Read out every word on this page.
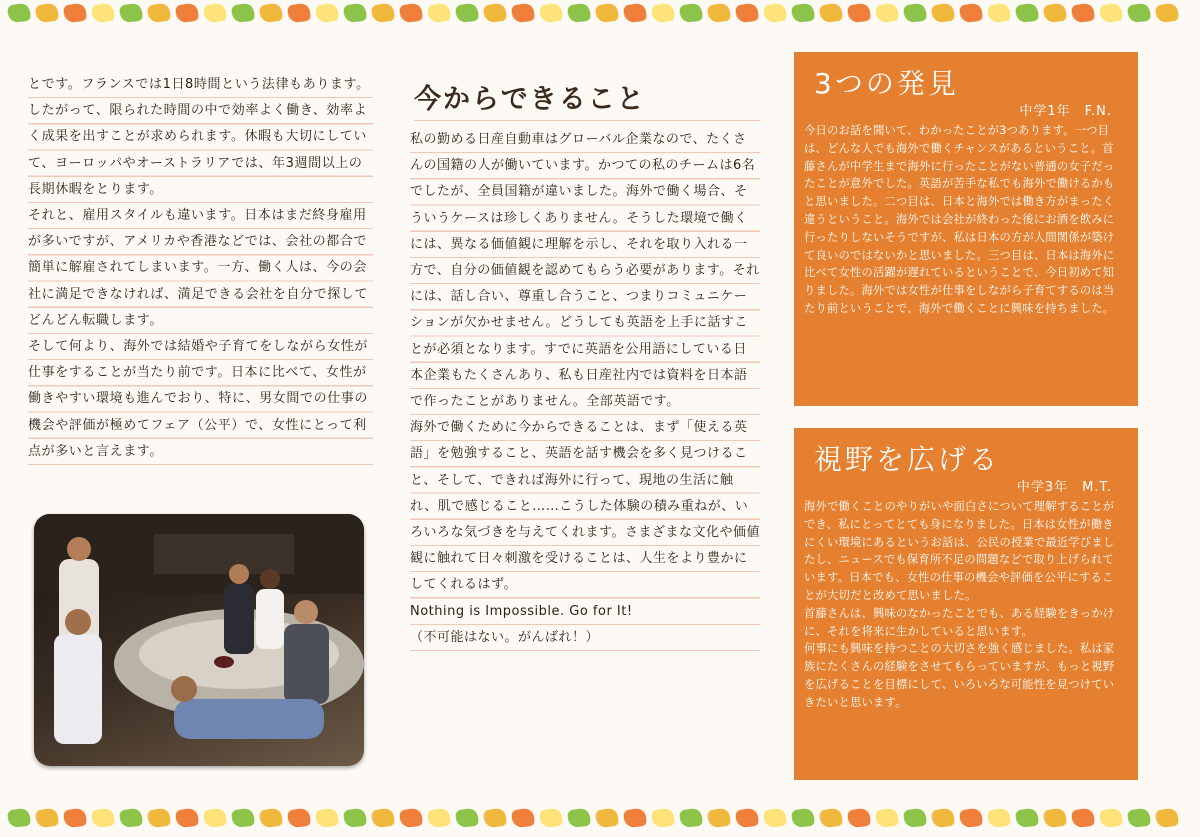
とです。フランスでは1日8時間という法律もあります。したがって、限られた時間の中で効率よく働き、効率よく成果を出すことが求められます。休暇も大切にしていて、ヨーロッパやオーストラリアでは、年3週間以上の長期休暇をとります。

それと、雇用スタイルも違います。日本はまだ終身雇用が多いですが、アメリカや香港などでは、会社の都合で簡単に解雇されてしまいます。一方、働く人は、今の会社に満足できなければ、満足できる会社を自分で探してどんどん転職します。

そして何より、海外では結婚や子育てをしながら女性が仕事をすることが当たり前です。日本に比べて、女性が働きやすい環境も進んでおり、特に、男女間での仕事の機会や評価が極めてフェア（公平）で、女性にとって利点が多いと言えます。

今からできること

私の勤める日産自動車はグローバル企業なので、たくさんの国籍の人が働いています。かつての私のチームは6名でしたが、全員国籍が違いました。海外で働く場合、そういうケースは珍しくありません。そうした環境で働くには、異なる価値観に理解を示し、それを取り入れる一方で、自分の価値観を認めてもらう必要があります。それには、話し合い、尊重し合うこと、つまりコミュニケーションが欠かせません。どうしても英語を上手に話すことが必須となります。すでに英語を公用語にしている日本企業もたくさんあり、私も日産社内では資料を日本語で作ったことがありません。全部英語です。

海外で働くために今からできることは、まず「使える英語」を勉強すること、英語を話す機会を多く見つけること、そして、できれば海外に行って、現地の生活に触れ、肌で感じること……こうした体験の積み重ねが、いろいろな気づきを与えてくれます。さまざまな文化や価値観に触れて日々刺激を受けることは、人生をより豊かにしてくれるはず。

Nothing is Impossible. Go for It!

（不可能はない。がんばれ！）

3つの発見
中学1年　F.N.

今日のお話を聞いて、わかったことが3つあります。一つ目は、どんな人でも海外で働くチャンスがあるということ。首藤さんが中学生まで海外に行ったことがない普通の女子だったことが意外でした。英語が苦手な私でも海外で働けるかもと思いました。二つ目は、日本と海外では働き方がまったく違うということ。海外では会社が終わった後にお酒を飲みに行ったりしないそうですが、私は日本の方が人間関係が築けて良いのではないかと思いました。三つ目は、日本は海外に比べて女性の活躍が遅れているということで、今日初めて知りました。海外では女性が仕事をしながら子育てするのは当たり前ということで、海外で働くことに興味を持ちました。

視野を広げる
中学3年　M.T.

海外で働くことのやりがいや面白さについて理解することができ、私にとってとても身になりました。日本は女性が働きにくい環境にあるというお話は、公民の授業で最近学びましたし、ニュースでも保育所不足の問題などで取り上げられています。日本でも、女性の仕事の機会や評価を公平にすることが大切だと改めて思いました。

首藤さんは、興味のなかったことでも、ある経験をきっかけに、それを将来に生かしていると思います。

何事にも興味を持つことの大切さを強く感じました。私は家族にたくさんの経験をさせてもらっていますが、もっと視野を広げることを目標にして、いろいろな可能性を見つけていきたいと思います。
